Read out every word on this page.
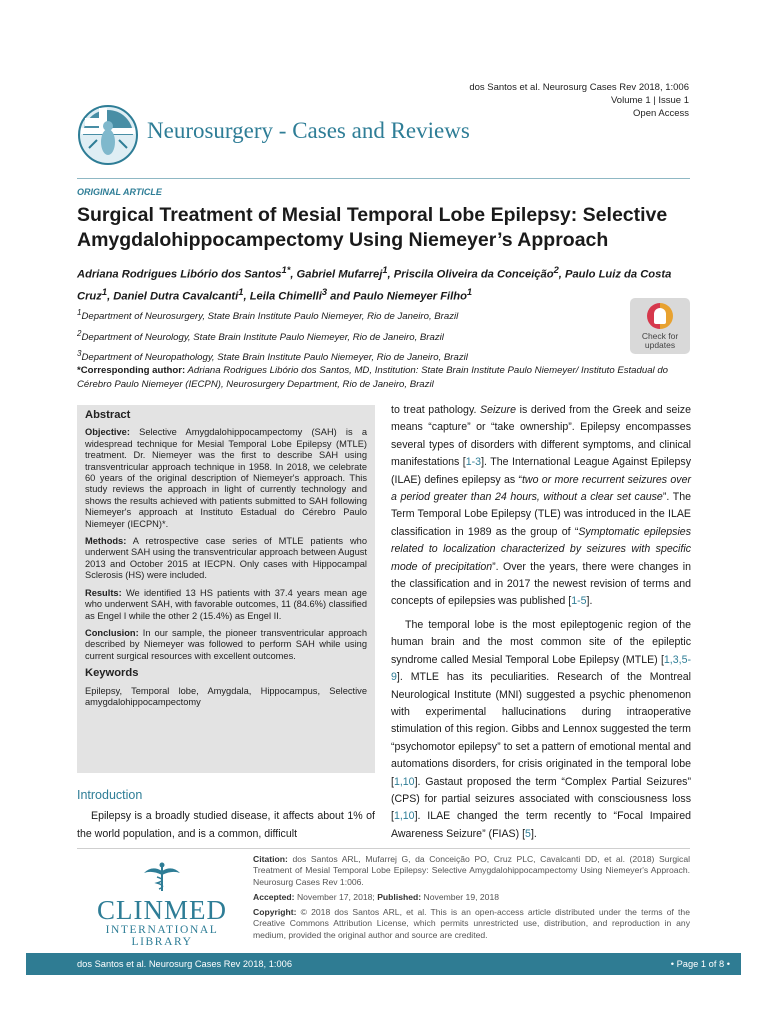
dos Santos et al. Neurosurg Cases Rev 2018, 1:006
Volume 1 | Issue 1
Open Access
Neurosurgery - Cases and Reviews
ORIGINAL ARTICLE
Surgical Treatment of Mesial Temporal Lobe Epilepsy: Selective Amygdalohippocampectomy Using Niemeyer’s Approach
Adriana Rodrigues Libório dos Santos$^{1*}$, Gabriel Mufarrej$^1$, Priscila Oliveira da Conceição$^2$, Paulo Luiz da Costa Cruz$^1$, Daniel Dutra Cavalcanti$^1$, Leila Chimelli$^3$ and Paulo Niemeyer Filho$^1$
$^1$Department of Neurosurgery, State Brain Institute Paulo Niemeyer, Rio de Janeiro, Brazil
$^2$Department of Neurology, State Brain Institute Paulo Niemeyer, Rio de Janeiro, Brazil
$^3$Department of Neuropathology, State Brain Institute Paulo Niemeyer, Rio de Janeiro, Brazil
Check for updates
*Corresponding author: Adriana Rodrigues Libório dos Santos, MD, Institution: State Brain Institute Paulo Niemeyer/ Instituto Estadual do Cérebro Paulo Niemeyer (IECPN), Neurosurgery Department, Rio de Janeiro, Brazil
Abstract

Objective: Selective Amygdalohippocampectomy (SAH) is a widespread technique for Mesial Temporal Lobe Epilepsy (MTLE) treatment. Dr. Niemeyer was the first to describe SAH using transventricular approach technique in 1958. In 2018, we celebrate 60 years of the original description of Niemeyer's approach. This study reviews the approach in light of currently technology and shows the results achieved with patients submitted to SAH following Niemeyer's approach at Instituto Estadual do Cérebro Paulo Niemeyer (IECPN)*.

Methods: A retrospective case series of MTLE patients who underwent SAH using the transventricular approach between August 2013 and October 2015 at IECPN. Only cases with Hippocampal Sclerosis (HS) were included.

Results: We identified 13 HS patients with 37.4 years mean age who underwent SAH, with favorable outcomes, 11 (84.6%) classified as Engel I while the other 2 (15.4%) as Engel II.

Conclusion: In our sample, the pioneer transventricular approach described by Niemeyer was followed to perform SAH while using current surgical resources with excellent outcomes.

Keywords

Epilepsy, Temporal lobe, Amygdala, Hippocampus, Selective amygdalohippocampectomy

Introduction
Epilepsy is a broadly studied disease, it affects about 1% of the world population, and is a common, difficult

to treat pathology. Seizure is derived from the Greek and seize means “capture” or “take ownership”. Epilepsy encompasses several types of disorders with different symptoms, and clinical manifestations [1-3]. The International League Against Epilepsy (ILAE) defines epilepsy as “two or more recurrent seizures over a period greater than 24 hours, without a clear set cause”. The Term Temporal Lobe Epilepsy (TLE) was introduced in the ILAE classification in 1989 as the group of “Symptomatic epilepsies related to localization characterized by seizures with specific mode of precipitation”. Over the years, there were changes in the classification and in 2017 the newest revision of terms and concepts of epilepsies was published [1-5].

The temporal lobe is the most epileptogenic region of the human brain and the most common site of the epileptic syndrome called Mesial Temporal Lobe Epilepsy (MTLE) [1,3,5-9]. MTLE has its peculiarities. Research of the Montreal Neurological Institute (MNI) suggested a psychic phenomenon with experimental hallucinations during intraoperative stimulation of this region. Gibbs and Lennox suggested the term “psychomotor epilepsy” to set a pattern of emotional mental and automations disorders, for crisis originated in the temporal lobe [1,10]. Gastaut proposed the term “Complex Partial Seizures” (CPS) for partial seizures associated with consciousness loss [1,10]. ILAE changed the term recently to “Focal Impaired Awareness Seizure” (FIAS) [5].

CLINMED
INTERNATIONAL LIBRARY

Citation: dos Santos ARL, Mufarrej G, da Conceição PO, Cruz PLC, Cavalcanti DD, et al. (2018) Surgical Treatment of Mesial Temporal Lobe Epilepsy: Selective Amygdalohippocampectomy Using Niemeyer's Approach. Neurosurg Cases Rev 1:006.

Accepted: November 17, 2018; Published: November 19, 2018

Copyright: © 2018 dos Santos ARL, et al. This is an open-access article distributed under the terms of the Creative Commons Attribution License, which permits unrestricted use, distribution, and reproduction in any medium, provided the original author and source are credited.

dos Santos et al. Neurosurg Cases Rev 2018, 1:006	• Page 1 of 8 •
